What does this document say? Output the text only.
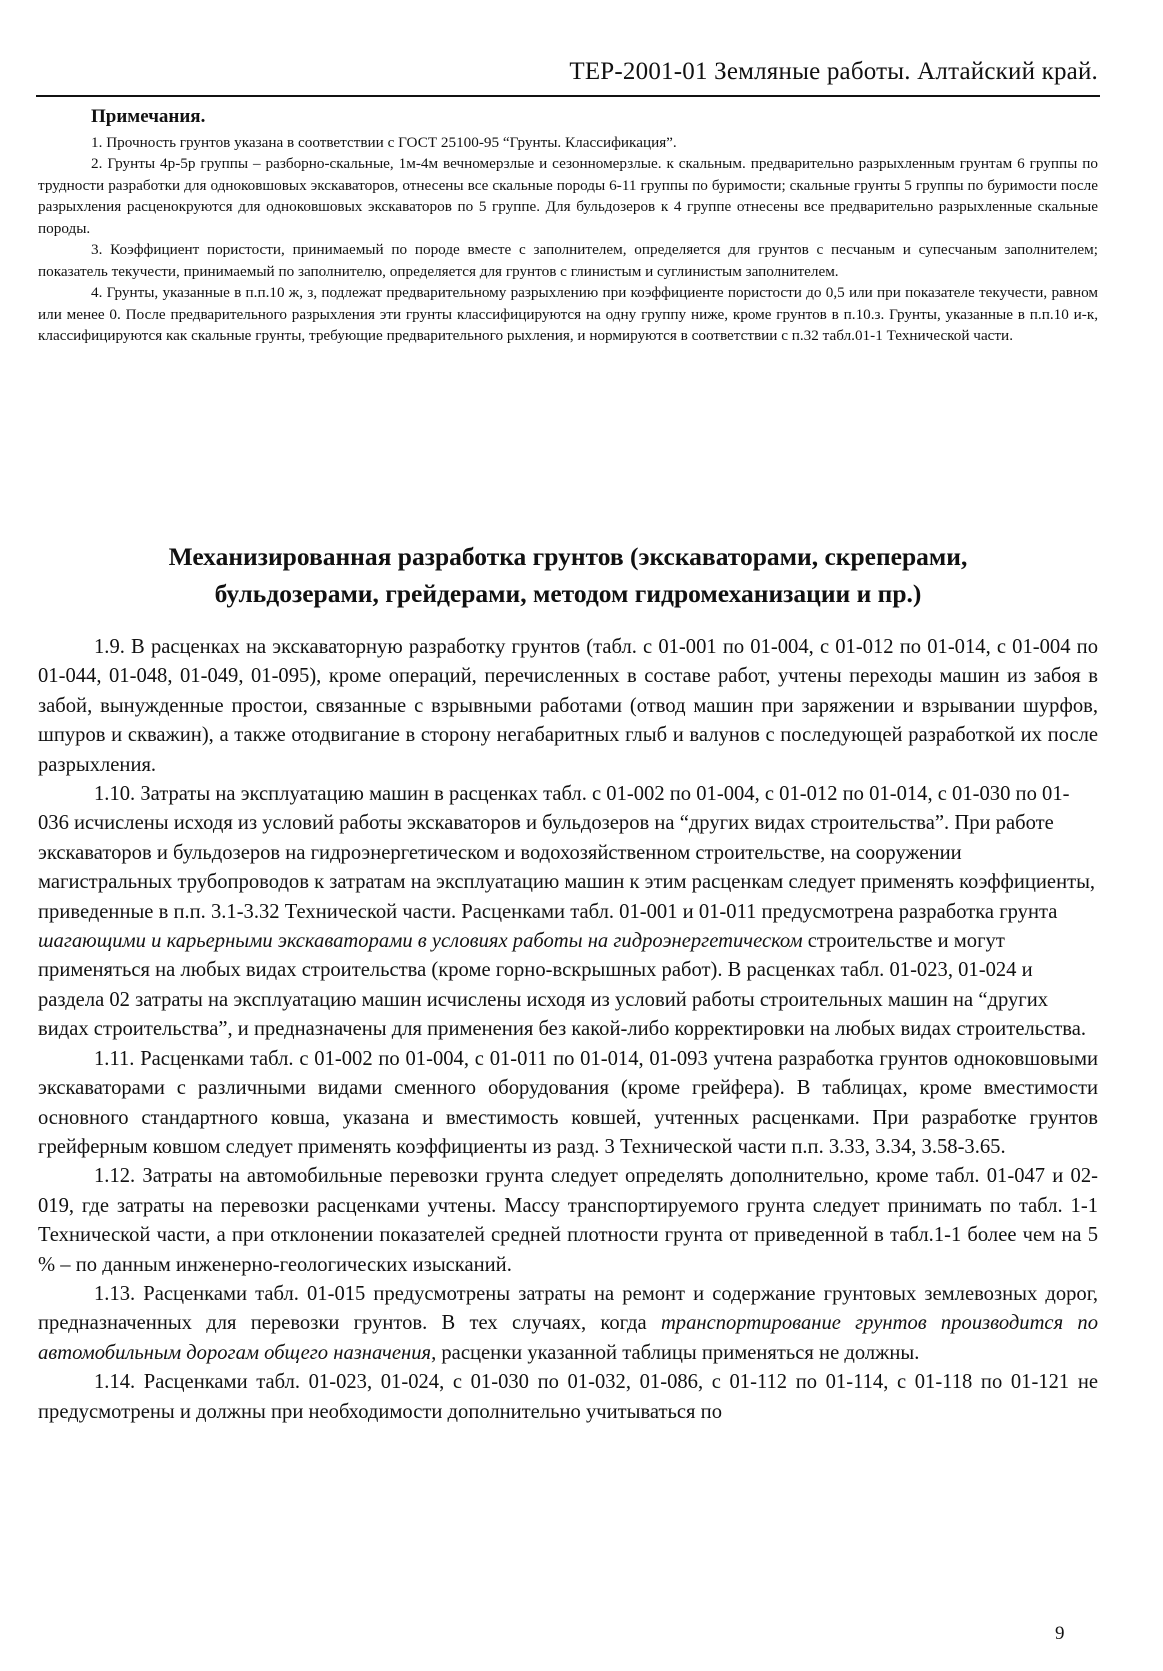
ТЕР-2001-01 Земляные работы. Алтайский край.
Примечания.

1. Прочность грунтов указана в соответствии с ГОСТ 25100-95 “Грунты. Классификация”.

2. Грунты 4р-5р группы – разборно-скальные, 1м-4м вечномерзлые и сезонномерзлые. к скальным. предварительно разрыхленным грунтам 6 группы по трудности разработки для одноковшовых экскаваторов, отнесены все скальные породы 6-11 группы по буримости; скальные грунты 5 группы по буримости после разрыхления расценокруются для одноковшовых экскаваторов по 5 группе. Для бульдозеров к 4 группе отнесены все предварительно разрыхленные скальные породы.

3. Коэффициент пористости, принимаемый по породе вместе с заполнителем, определяется для грунтов с песчаным и супесчаным заполнителем; показатель текучести, принимаемый по заполнителю, определяется для грунтов с глинистым и суглинистым заполнителем.

4. Грунты, указанные в п.п.10 ж, з, подлежат предварительному разрыхлению при коэффициенте пористости до 0,5 или при показателе текучести, равном или менее 0. После предварительного разрыхления эти грунты классифицируются на одну группу ниже, кроме грунтов в п.10.з. Грунты, указанные в п.п.10 и-к, классифицируются как скальные грунты, требующие предварительного рыхления, и нормируются в соответствии с п.32 табл.01-1 Технической части.

Механизированная разработка грунтов (экскаваторами, скреперами,
бульдозерами, грейдерами, методом гидромеханизации и пр.)

1.9. В расценках на экскаваторную разработку грунтов (табл. с 01-001 по 01-004, с 01-012 по 01-014, с 01-004 по 01-044, 01-048, 01-049, 01-095), кроме операций, перечисленных в составе работ, учтены переходы машин из забоя в забой, вынужденные простои, связанные с взрывными работами (отвод машин при заряжении и взрывании шурфов, шпуров и скважин), а также отодвигание в сторону негабаритных глыб и валунов с последующей разработкой их после разрыхления.

1.10. Затраты на эксплуатацию машин в расценках табл. с 01-002 по 01-004, с 01-012 по 01-014, с 01-030 по 01-036 исчислены исходя из условий работы экскаваторов и бульдозеров на “других видах строительства”. При работе экскаваторов и бульдозеров на гидроэнергетическом и водохозяйственном строительстве, на сооружении магистральных трубопроводов к затратам на эксплуатацию машин к этим расценкам следует применять коэффициенты, приведенные в п.п. 3.1-3.32 Технической части. Расценками табл. 01-001 и 01-011 предусмотрена разработка грунта шагающими и карьерными экскаваторами в условиях работы на гидроэнергетическом строительстве и могут применяться на любых видах строительства (кроме горно-вскрышных работ). В расценках табл. 01-023, 01-024 и раздела 02 затраты на эксплуатацию машин исчислены исходя из условий работы строительных машин на “других видах строительства”, и предназначены для применения без какой-либо корректировки на любых видах строительства.

1.11. Расценками табл. с 01-002 по 01-004, с 01-011 по 01-014, 01-093 учтена разработка грунтов одноковшовыми экскаваторами с различными видами сменного оборудования (кроме грейфера). В таблицах, кроме вместимости основного стандартного ковша, указана и вместимость ковшей, учтенных расценками. При разработке грунтов грейферным ковшом следует применять коэффициенты из разд. 3 Технической части п.п. 3.33, 3.34, 3.58-3.65.

1.12. Затраты на автомобильные перевозки грунта следует определять дополнительно, кроме табл. 01-047 и 02-019, где затраты на перевозки расценками учтены. Массу транспортируемого грунта следует принимать по табл. 1-1 Технической части, а при отклонении показателей средней плотности грунта от приведенной в табл.1-1 более чем на 5 % – по данным инженерно-геологических изысканий.

1.13. Расценками табл. 01-015 предусмотрены затраты на ремонт и содержание грунтовых землевозных дорог, предназначенных для перевозки грунтов. В тех случаях, когда транспортирование грунтов производится по автомобильным дорогам общего назначения, расценки указанной таблицы применяться не должны.

1.14. Расценками табл. 01-023, 01-024, с 01-030 по 01-032, 01-086, с 01-112 по 01-114, с 01-118 по 01-121 не предусмотрены и должны при необходимости дополнительно учитываться по

9
